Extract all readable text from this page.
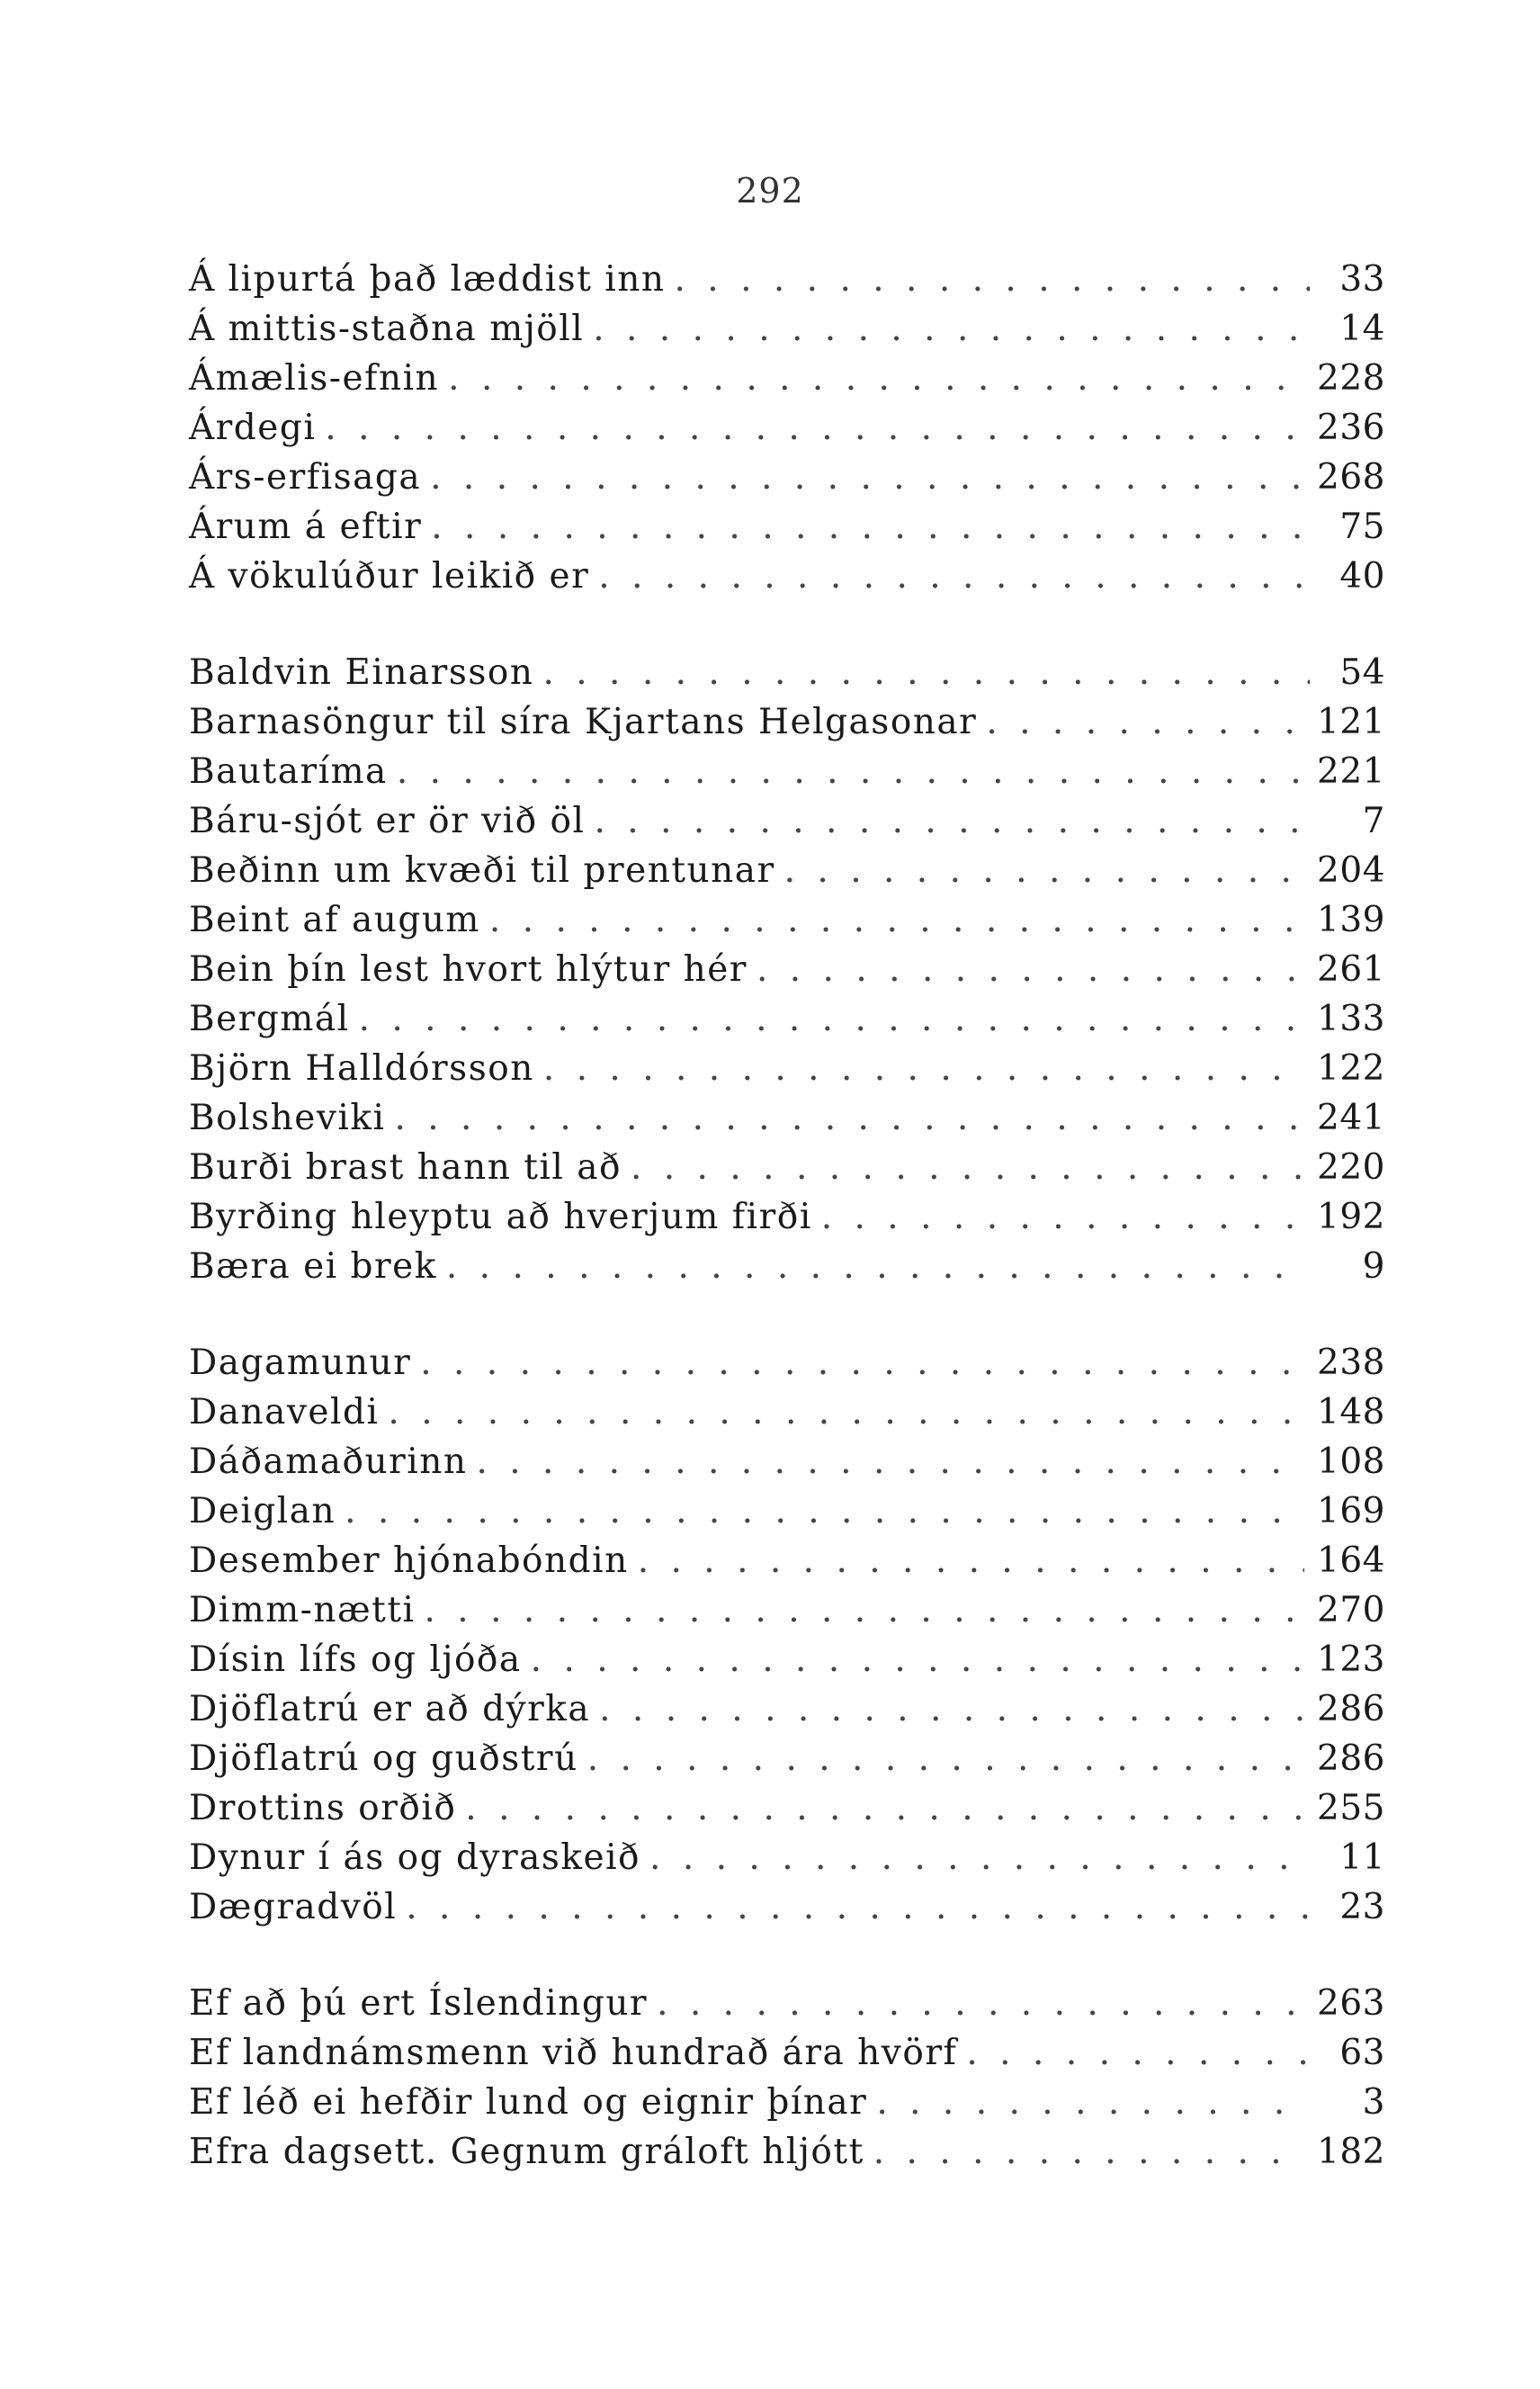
292
Á lipurtá það læddist inn . . .	33
Á mittis-staðna mjöll . . .	14
Ámælis-efnin . . .	228
Árdegi . . .	236
Árs-erfisaga . . .	268
Árum á eftir . . .	75
Á vökulúður leikið er . . .	40
Baldvin Einarsson . . .	54
Barnasöngur til síra Kjartans Helgasonar . . .	121
Bautaríma . . .	221
Báru-sjót er ör við öl . . .	7
Beðinn um kvæði til prentunar . . .	204
Beint af augum . . .	139
Bein þín lest hvort hlýtur hér . . .	261
Bergmál . . .	133
Björn Halldórsson . . .	122
Bolsheviki . . .	241
Burði brast hann til að . . .	220
Byrðing hleyptu að hverjum firði . . .	192
Bæra ei brek . . .	9
Dagamunur . . .	238
Danaveldi . . .	148
Dáðamaðurinn . . .	108
Deiglan . . .	169
Desember hjónabóndin . . .	164
Dimm-nætti . . .	270
Dísin lífs og ljóða . . .	123
Djöflatrú er að dýrka . . .	286
Djöflatrú og guðstrú . . .	286
Drottins orðið . . .	255
Dynur í ás og dyraskeið . . .	11
Dægradvöl . . .	23
Ef að þú ert Íslendingur . . .	263
Ef landnámsmenn við hundrað ára hvörf . . .	63
Ef léð ei hefðir lund og eignir þínar . . .	3
Efra dagsett. Gegnum gráloft hljótt . . .	182
